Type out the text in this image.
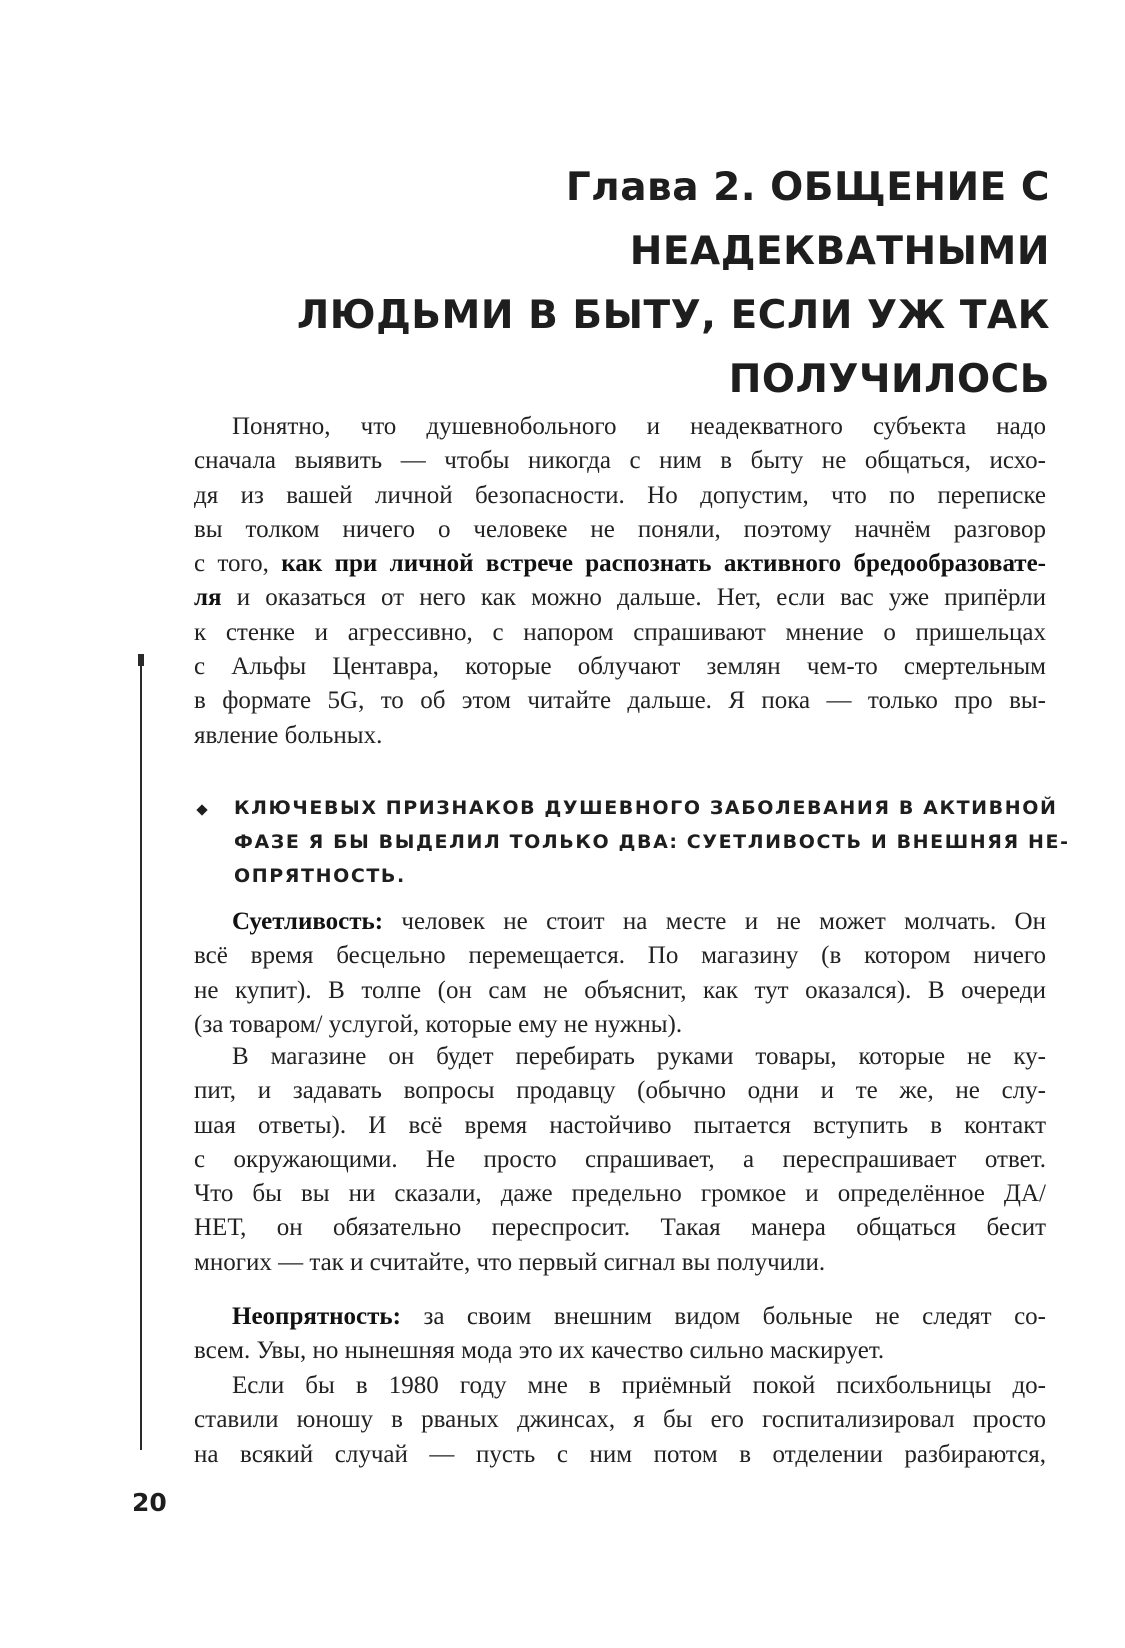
Глава 2. ОБЩЕНИЕ С НЕАДЕКВАТНЫМИ
ЛЮДЬМИ В БЫТУ, ЕСЛИ УЖ ТАК
ПОЛУЧИЛОСЬ
Понятно, что душевнобольного и неадекватного субъекта надо
сначала выявить — чтобы никогда с ним в быту не общаться, исхо-
дя из вашей личной безопасности. Но допустим, что по переписке
вы толком ничего о человеке не поняли, поэтому начнём разговор
с того, как при личной встрече распознать активного бредообразовате-
ля и оказаться от него как можно дальше. Нет, если вас уже припёрли
к стенке и агрессивно, с напором спрашивают мнение о пришельцах
с Альфы Центавра, которые облучают землян чем-то смертельным
в формате 5G, то об этом читайте дальше. Я пока — только про вы-
явление больных.
КЛЮЧЕВЫХ ПРИЗНАКОВ ДУШЕВНОГО ЗАБОЛЕВАНИЯ В АКТИВНОЙ
ФАЗЕ Я БЫ ВЫДЕЛИЛ ТОЛЬКО ДВА: СУЕТЛИВОСТЬ И ВНЕШНЯЯ НЕ-
ОПРЯТНОСТЬ.
Суетливость: человек не стоит на месте и не может молчать. Он
всё время бесцельно перемещается. По магазину (в котором ничего
не купит). В толпе (он сам не объяснит, как тут оказался). В очереди
(за товаром/ услугой, которые ему не нужны).
В магазине он будет перебирать руками товары, которые не ку-
пит, и задавать вопросы продавцу (обычно одни и те же, не слу-
шая ответы). И всё время настойчиво пытается вступить в контакт
с окружающими. Не просто спрашивает, а переспрашивает ответ.
Что бы вы ни сказали, даже предельно громкое и определённое ДА/
НЕТ, он обязательно переспросит. Такая манера общаться бесит
многих — так и считайте, что первый сигнал вы получили.
Неопрятность: за своим внешним видом больные не следят со-
всем. Увы, но нынешняя мода это их качество сильно маскирует.
Если бы в 1980 году мне в приёмный покой психбольницы до-
ставили юношу в рваных джинсах, я бы его госпитализировал просто
на всякий случай — пусть с ним потом в отделении разбираются,
20
